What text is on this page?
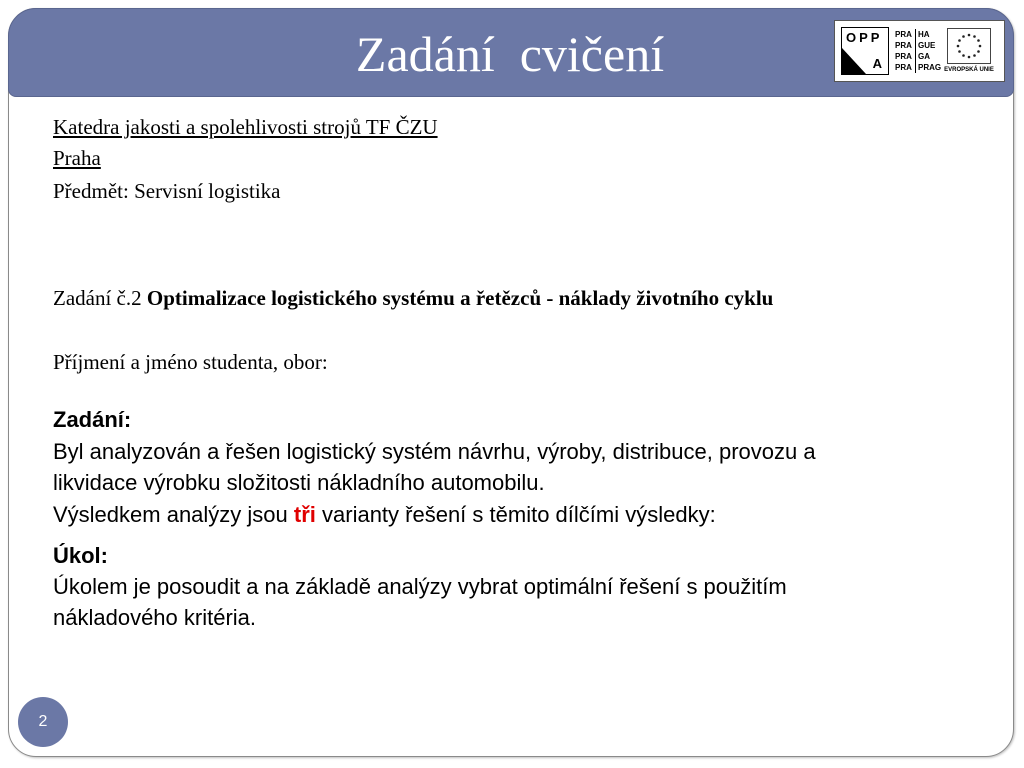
Zadání  cvičení	OPP
A
PRA
PRA
PRA
PRA
HA
GUE
GA
PRAG EVROPSKÁ UNIE
Katedra jakosti a spolehlivosti strojů TF ČZU
Praha
Předmět: Servisní logistika
Zadání č.2 Optimalizace logistického systému a řetězců - náklady životního cyklu
Příjmení a jméno studenta, obor:
Zadání:
Byl analyzován a řešen logistický systém návrhu, výroby, distribuce, provozu a
likvidace výrobku složitosti nákladního automobilu.
Výsledkem analýzy jsou tři varianty řešení s těmito dílčími výsledky:
Úkol:
Úkolem je posoudit a na základě analýzy vybrat optimální řešení s použitím
nákladového kritéria.
2
